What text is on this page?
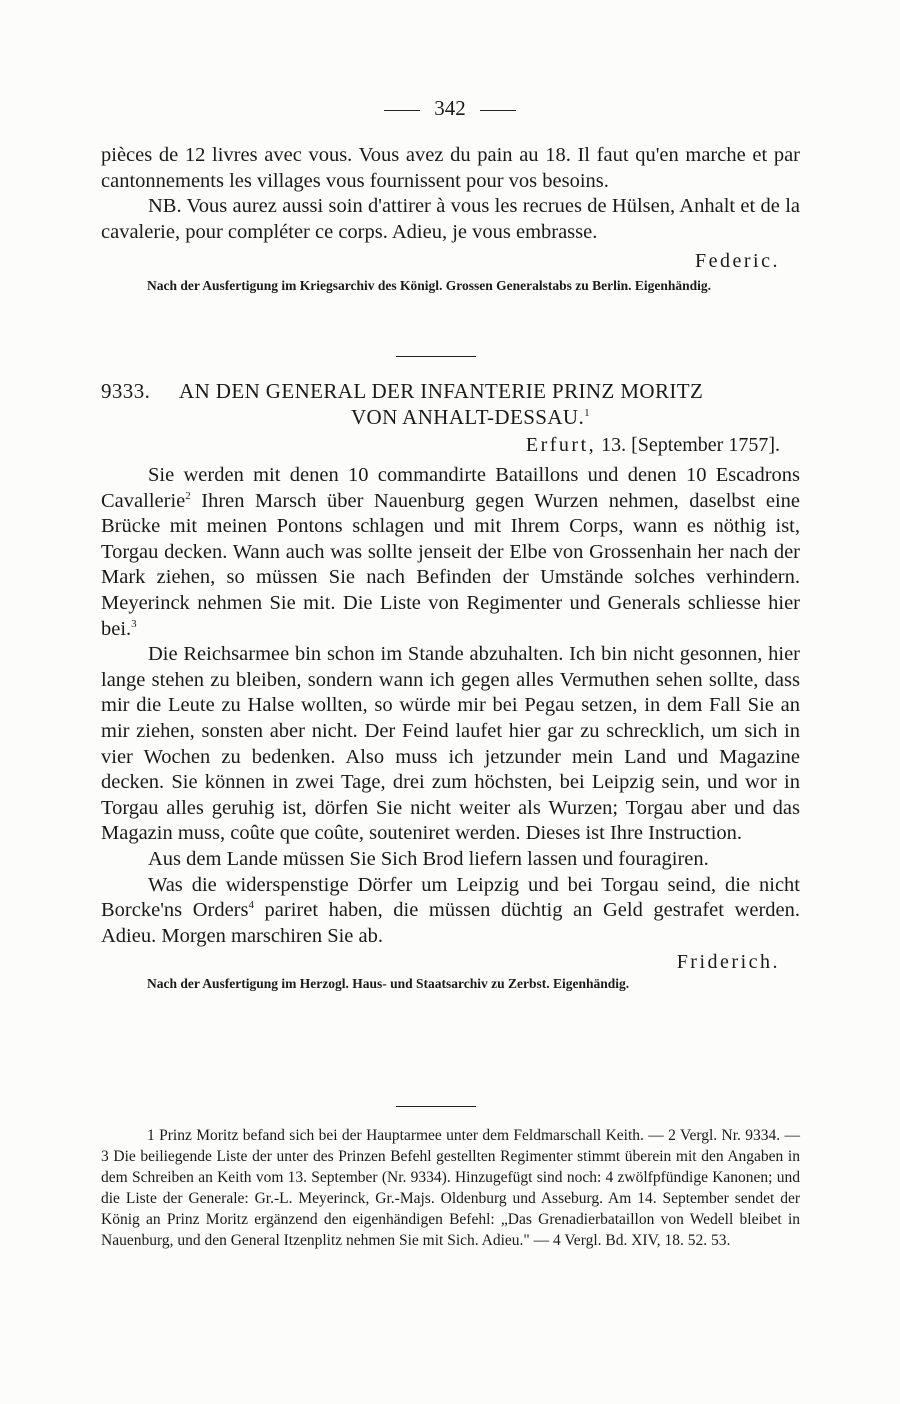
342

pièces de 12 livres avec vous. Vous avez du pain au 18. Il faut qu'en marche et par cantonnements les villages vous fournissent pour vos besoins.

NB. Vous aurez aussi soin d'attirer à vous les recrues de Hülsen, Anhalt et de la cavalerie, pour compléter ce corps. Adieu, je vous embrasse.

Federic.

Nach der Ausfertigung im Kriegsarchiv des Königl. Grossen Generalstabs zu Berlin. Eigenhändig.

9333. AN DEN GENERAL DER INFANTERIE PRINZ MORITZ
VON ANHALT-DESSAU.$^1$
Erfurt, 13. [September 1757].

Sie werden mit denen 10 commandirte Bataillons und denen 10 Escadrons Cavallerie$^2$ Ihren Marsch über Nauenburg gegen Wurzen nehmen, daselbst eine Brücke mit meinen Pontons schlagen und mit Ihrem Corps, wann es nöthig ist, Torgau decken. Wann auch was sollte jenseit der Elbe von Grossenhain her nach der Mark ziehen, so müssen Sie nach Befinden der Umstände solches verhindern. Meyerinck nehmen Sie mit. Die Liste von Regimenter und Generals schliesse hier bei.$^3$

Die Reichsarmee bin schon im Stande abzuhalten. Ich bin nicht gesonnen, hier lange stehen zu bleiben, sondern wann ich gegen alles Vermuthen sehen sollte, dass mir die Leute zu Halse wollten, so würde mir bei Pegau setzen, in dem Fall Sie an mir ziehen, sonsten aber nicht. Der Feind laufet hier gar zu schrecklich, um sich in vier Wochen zu bedenken. Also muss ich jetzunder mein Land und Magazine decken. Sie können in zwei Tage, drei zum höchsten, bei Leipzig sein, und wor in Torgau alles geruhig ist, dörfen Sie nicht weiter als Wurzen; Torgau aber und das Magazin muss, coûte que coûte, souteniret werden. Dieses ist Ihre Instruction.

Aus dem Lande müssen Sie Sich Brod liefern lassen und fouragiren.

Was die widerspenstige Dörfer um Leipzig und bei Torgau seind, die nicht Borcke'ns Orders$^4$ pariret haben, die müssen düchtig an Geld gestrafet werden. Adieu. Morgen marschiren Sie ab.

Friderich.

Nach der Ausfertigung im Herzogl. Haus- und Staatsarchiv zu Zerbst. Eigenhändig.

1 Prinz Moritz befand sich bei der Hauptarmee unter dem Feldmarschall Keith. — 2 Vergl. Nr. 9334. — 3 Die beiliegende Liste der unter des Prinzen Befehl gestellten Regimenter stimmt überein mit den Angaben in dem Schreiben an Keith vom 13. September (Nr. 9334). Hinzugefügt sind noch: 4 zwölfpfündige Kanonen; und die Liste der Generale: Gr.-L. Meyerinck, Gr.-Majs. Oldenburg und Asseburg. Am 14. September sendet der König an Prinz Moritz ergänzend den eigenhändigen Befehl: „Das Grenadierbataillon von Wedell bleibet in Nauenburg, und den General Itzenplitz nehmen Sie mit Sich. Adieu." — 4 Vergl. Bd. XIV, 18. 52. 53.
